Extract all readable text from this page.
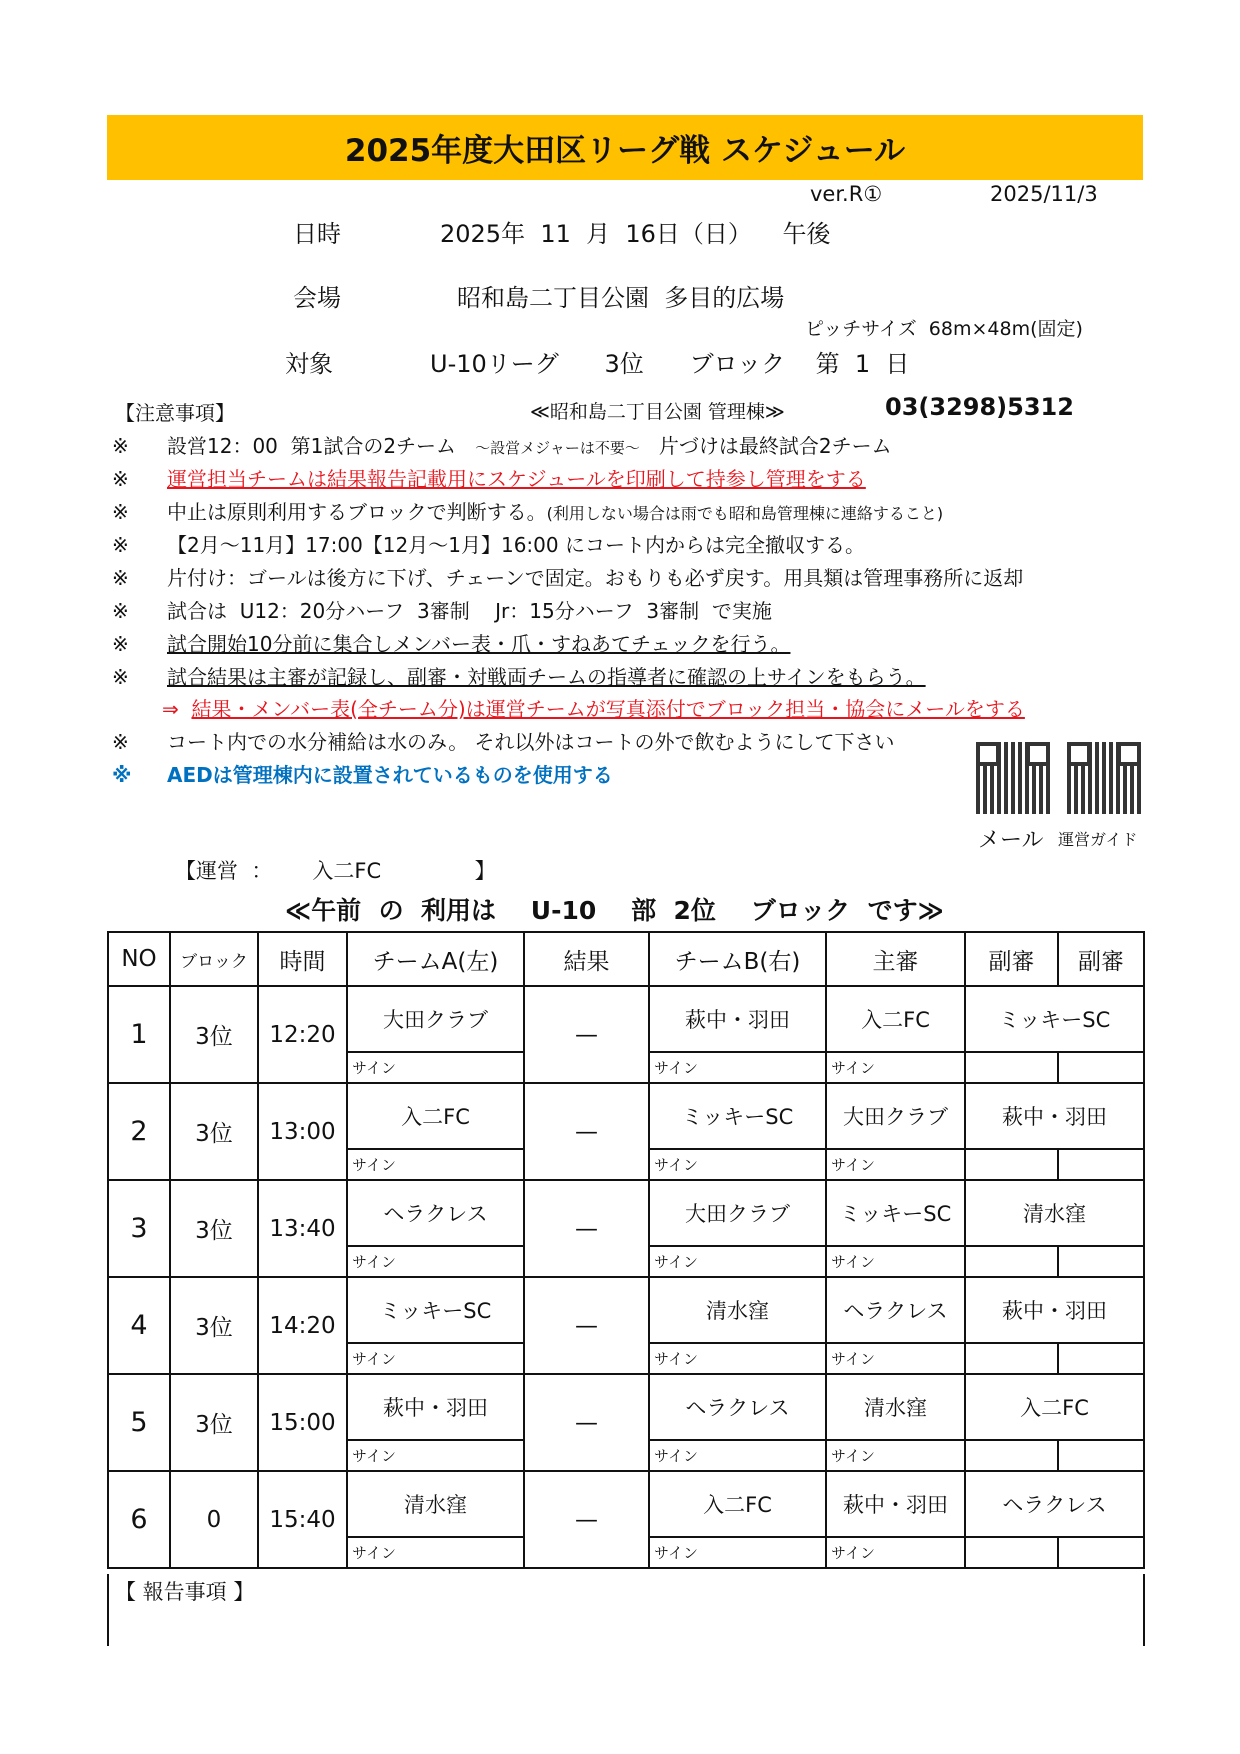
2025年度大田区リーグ戦 スケジュール
ver.R①	2025/11/3
日時	2025年  11  月  16日（日）    午後
会場	昭和島二丁目公園  多目的広場
ピッチサイズ  68m×48m(固定)
対象	U-10リーグ      3位      ブロック    第  1  日
【注意事項】	≪昭和島二丁目公園 管理棟≫	03(3298)5312
※ 設営12：00  第1試合の2チーム ～設営メジャーは不要～ 片づけは最終試合2チーム
※ 運営担当チームは結果報告記載用にスケジュールを印刷して持参し管理をする
※ 中止は原則利用するブロックで判断する。(利用しない場合は雨でも昭和島管理棟に連絡すること)
※ 【2月～11月】17:00【12月～1月】16:00 にコート内からは完全撤収する。
※ 片付け：ゴールは後方に下げ、チェーンで固定。おもりも必ず戻す。用具類は管理事務所に返却
※ 試合は  U12：20分ハーフ  3審制    Jr：15分ハーフ  3審制  で実施
※ 試合開始10分前に集合しメンバー表・爪・すねあてチェックを行う。
※ 試合結果は主審が記録し、副審・対戦両チームの指導者に確認の上サインをもらう。
⇒ 結果・メンバー表(全チーム分)は運営チームが写真添付でブロック担当・協会にメールをする
※ コート内での水分補給は水のみ。 それ以外はコートの外で飲むようにして下さい
※ AEDは管理棟内に設置されているものを使用する
メール 運営ガイド
【運営  ：      入二FC              】
≪午前  の  利用は    U-10    部  2位    ブロック  です≫
NO	ブロック	時間	チームA(左)	結果	チームB(右)	主審	副審	副審
1	3位	12:20	大田クラブ	—	萩中・羽田	入二FC	ミッキーSC	
			サイン		サイン	サイン		
2	3位	13:00	入二FC	—	ミッキーSC	大田クラブ	萩中・羽田	
			サイン		サイン	サイン		
3	3位	13:40	ヘラクレス	—	大田クラブ	ミッキーSC	清水窪	
			サイン		サイン	サイン		
4	3位	14:20	ミッキーSC	—	清水窪	ヘラクレス	萩中・羽田	
			サイン		サイン	サイン		
5	3位	15:00	萩中・羽田	—	ヘラクレス	清水窪	入二FC	
			サイン		サイン	サイン		
6	0	15:40	清水窪	—	入二FC	萩中・羽田	ヘラクレス	
			サイン		サイン	サイン		
【 報告事項 】
